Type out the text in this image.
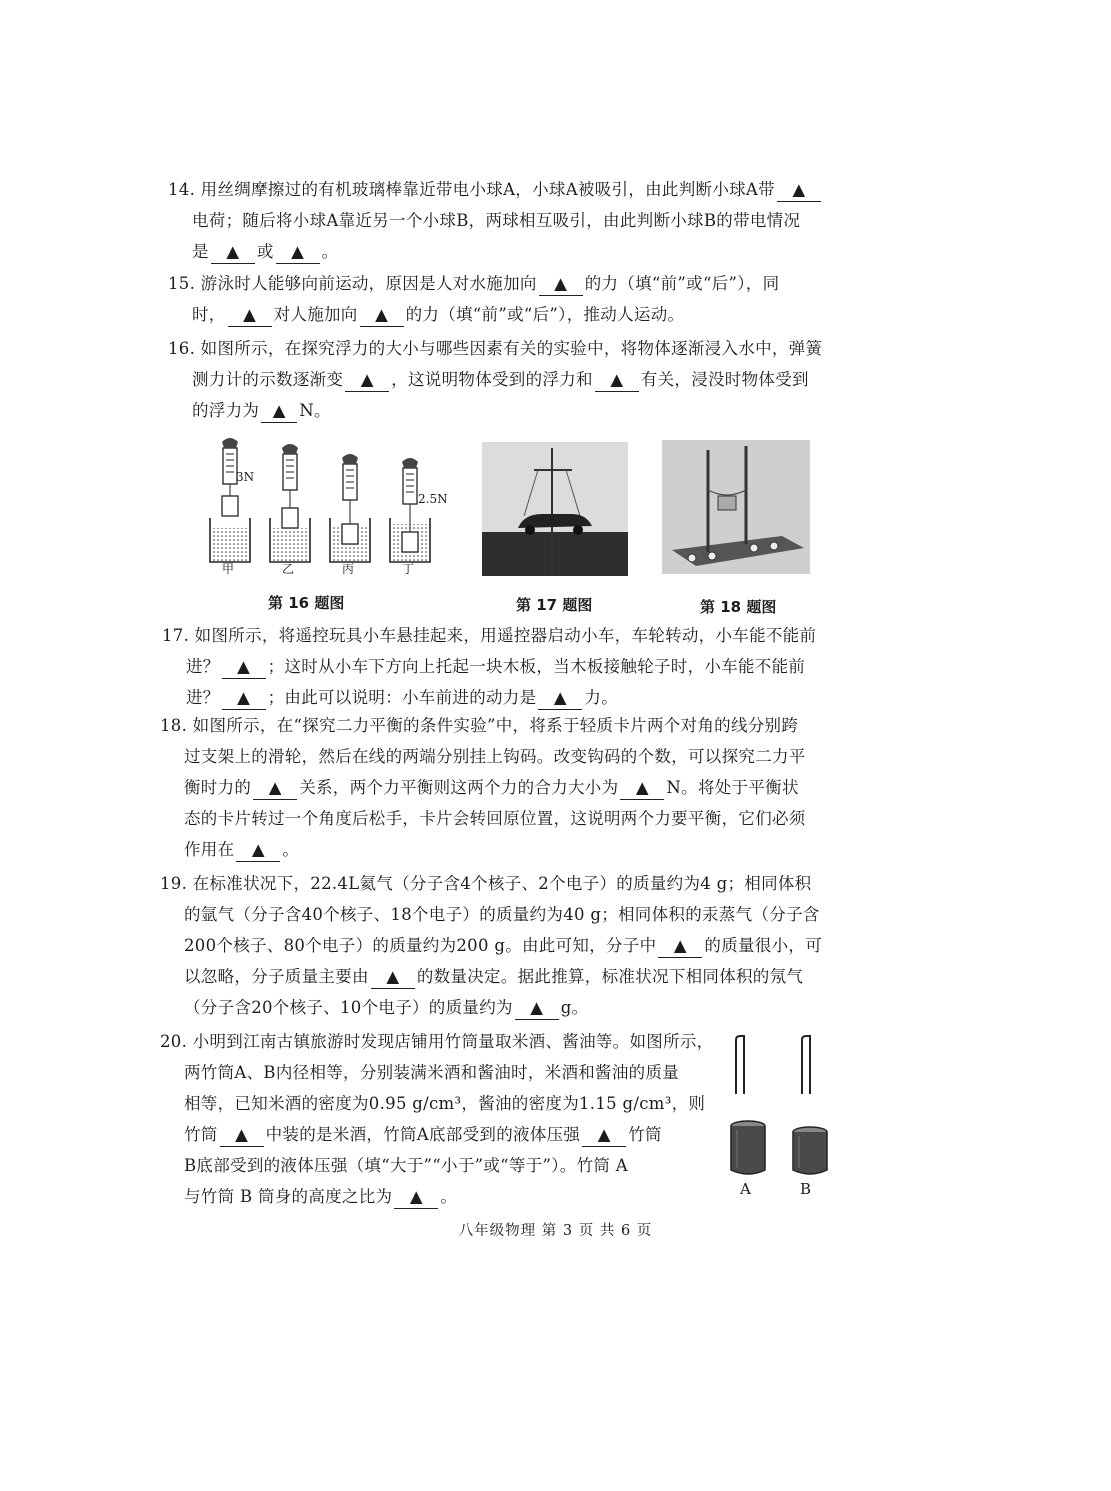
14. 用丝绸摩擦过的有机玻璃棒靠近带电小球A，小球A被吸引，由此判断小球A带 ▲
电荷；随后将小球A靠近另一个小球B，两球相互吸引，由此判断小球B的带电情况
是 ▲ 或 ▲ 。
15. 游泳时人能够向前运动，原因是人对水施加向 ▲ 的力（填“前”或“后”），同
时， ▲ 对人施加向 ▲ 的力（填“前”或“后”），推动人运动。
16. 如图所示，在探究浮力的大小与哪些因素有关的实验中，将物体逐渐浸入水中，弹簧
测力计的示数逐渐变 ▲ ，这说明物体受到的浮力和 ▲ 有关，浸没时物体受到
的浮力为 ▲ N。
3N
2.5N
甲	乙	丙	丁
第 16 题图	第 17 题图	第 18 题图
17. 如图所示，将遥控玩具小车悬挂起来，用遥控器启动小车，车轮转动，小车能不能前
进？ ▲ ；这时从小车下方向上托起一块木板，当木板接触轮子时，小车能不能前
进？ ▲ ；由此可以说明：小车前进的动力是 ▲ 力。
18. 如图所示，在“探究二力平衡的条件实验”中，将系于轻质卡片两个对角的线分别跨
过支架上的滑轮，然后在线的两端分别挂上钩码。改变钩码的个数，可以探究二力平
衡时力的 ▲ 关系，两个力平衡则这两个力的合力大小为 ▲ N。将处于平衡状
态的卡片转过一个角度后松手，卡片会转回原位置，这说明两个力要平衡，它们必须
作用在 ▲ 。
19. 在标准状况下，22.4L氦气（分子含4个核子、2个电子）的质量约为4 g；相同体积
的氩气（分子含40个核子、18个电子）的质量约为40 g；相同体积的汞蒸气（分子含
200个核子、80个电子）的质量约为200 g。由此可知，分子中 ▲ 的质量很小，可
以忽略，分子质量主要由 ▲ 的数量决定。据此推算，标准状况下相同体积的氖气
（分子含20个核子、10个电子）的质量约为 ▲ g。
20. 小明到江南古镇旅游时发现店铺用竹筒量取米酒、酱油等。如图所示，
两竹筒A、B内径相等，分别装满米酒和酱油时，米酒和酱油的质量
相等，已知米酒的密度为0.95 g/cm³，酱油的密度为1.15 g/cm³，则
竹筒 ▲ 中装的是米酒，竹筒A底部受到的液体压强 ▲ 竹筒
B底部受到的液体压强（填“大于”“小于”或“等于”）。竹筒 A
与竹筒 B 筒身的高度之比为 ▲ 。	A	B
八年级物理 第 3 页 共 6 页
